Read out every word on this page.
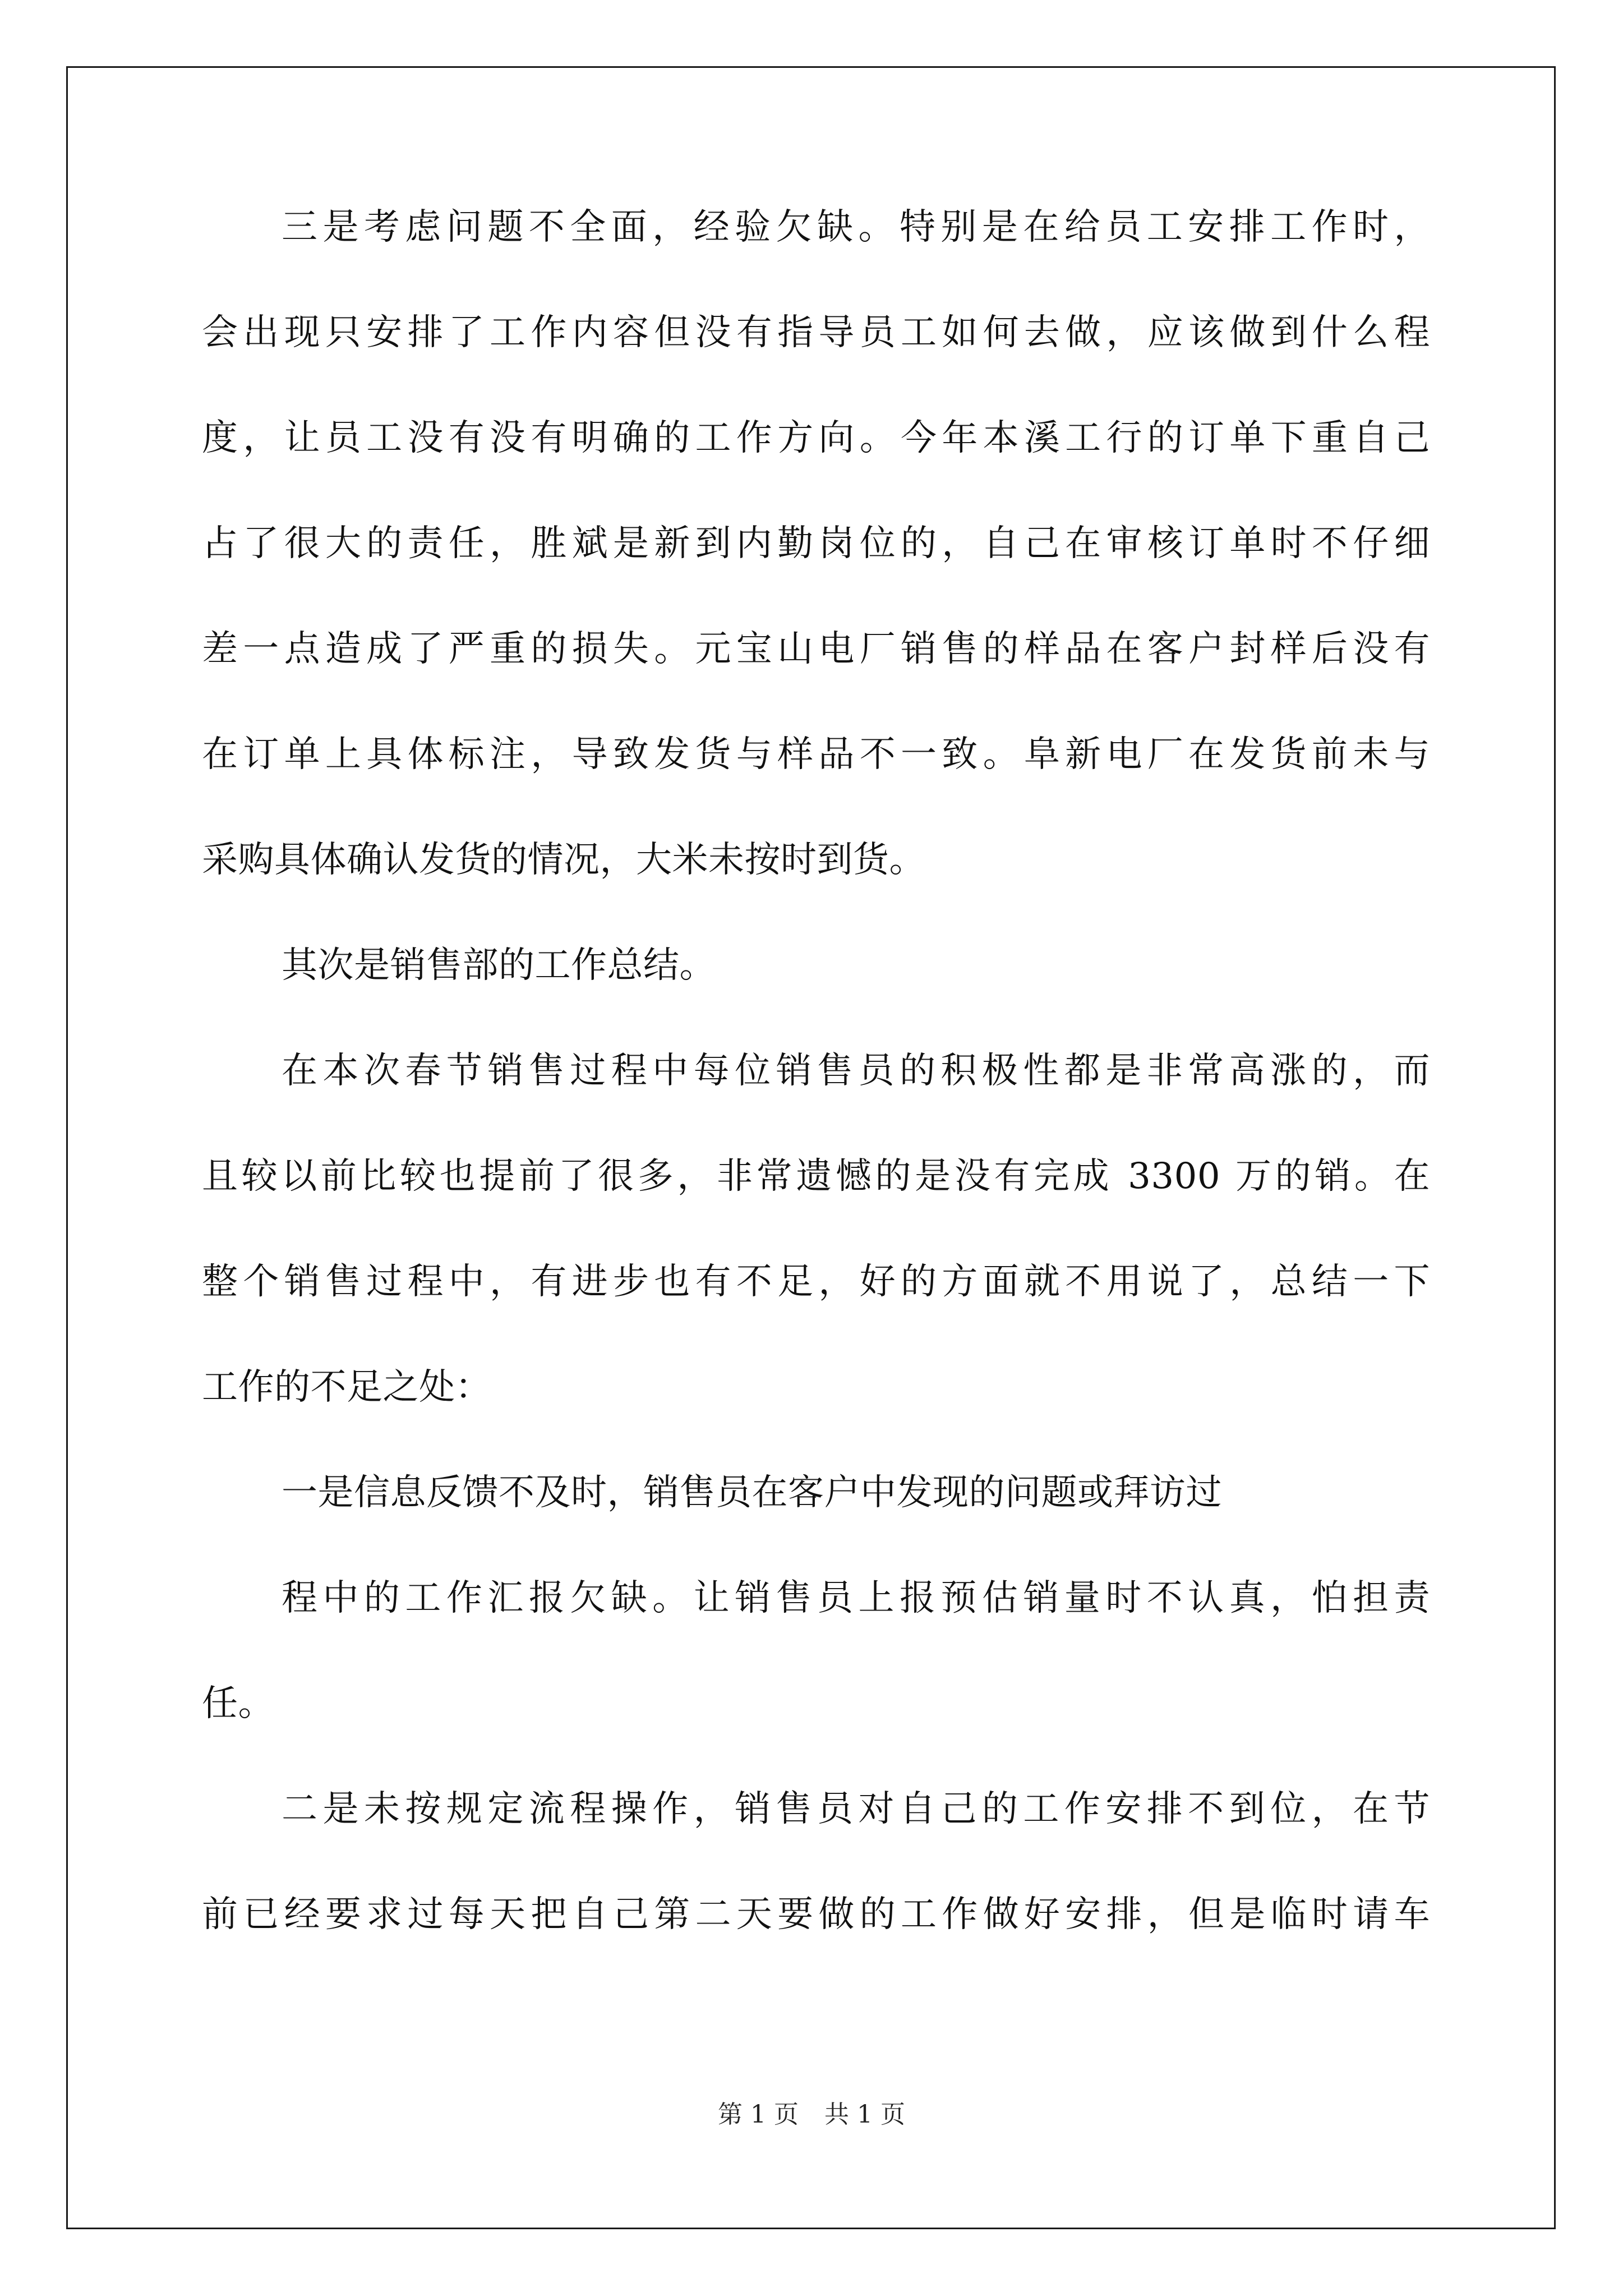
三是考虑问题不全面，经验欠缺。特别是在给员工安排工作时，
会出现只安排了工作内容但没有指导员工如何去做，应该做到什么程
度，让员工没有没有明确的工作方向。今年本溪工行的订单下重自己
占了很大的责任，胜斌是新到内勤岗位的，自己在审核订单时不仔细
差一点造成了严重的损失。元宝山电厂销售的样品在客户封样后没有
在订单上具体标注，导致发货与样品不一致。阜新电厂在发货前未与
采购具体确认发货的情况，大米未按时到货。
其次是销售部的工作总结。
在本次春节销售过程中每位销售员的积极性都是非常高涨的，而
且较以前比较也提前了很多，非常遗憾的是没有完成 3300 万的销。在
整个销售过程中，有进步也有不足，好的方面就不用说了，总结一下
工作的不足之处：
一是信息反馈不及时，销售员在客户中发现的问题或拜访过
程中的工作汇报欠缺。让销售员上报预估销量时不认真，怕担责
任。
二是未按规定流程操作，销售员对自己的工作安排不到位，在节
前已经要求过每天把自己第二天要做的工作做好安排，但是临时请车
第 1 页 共 1 页
